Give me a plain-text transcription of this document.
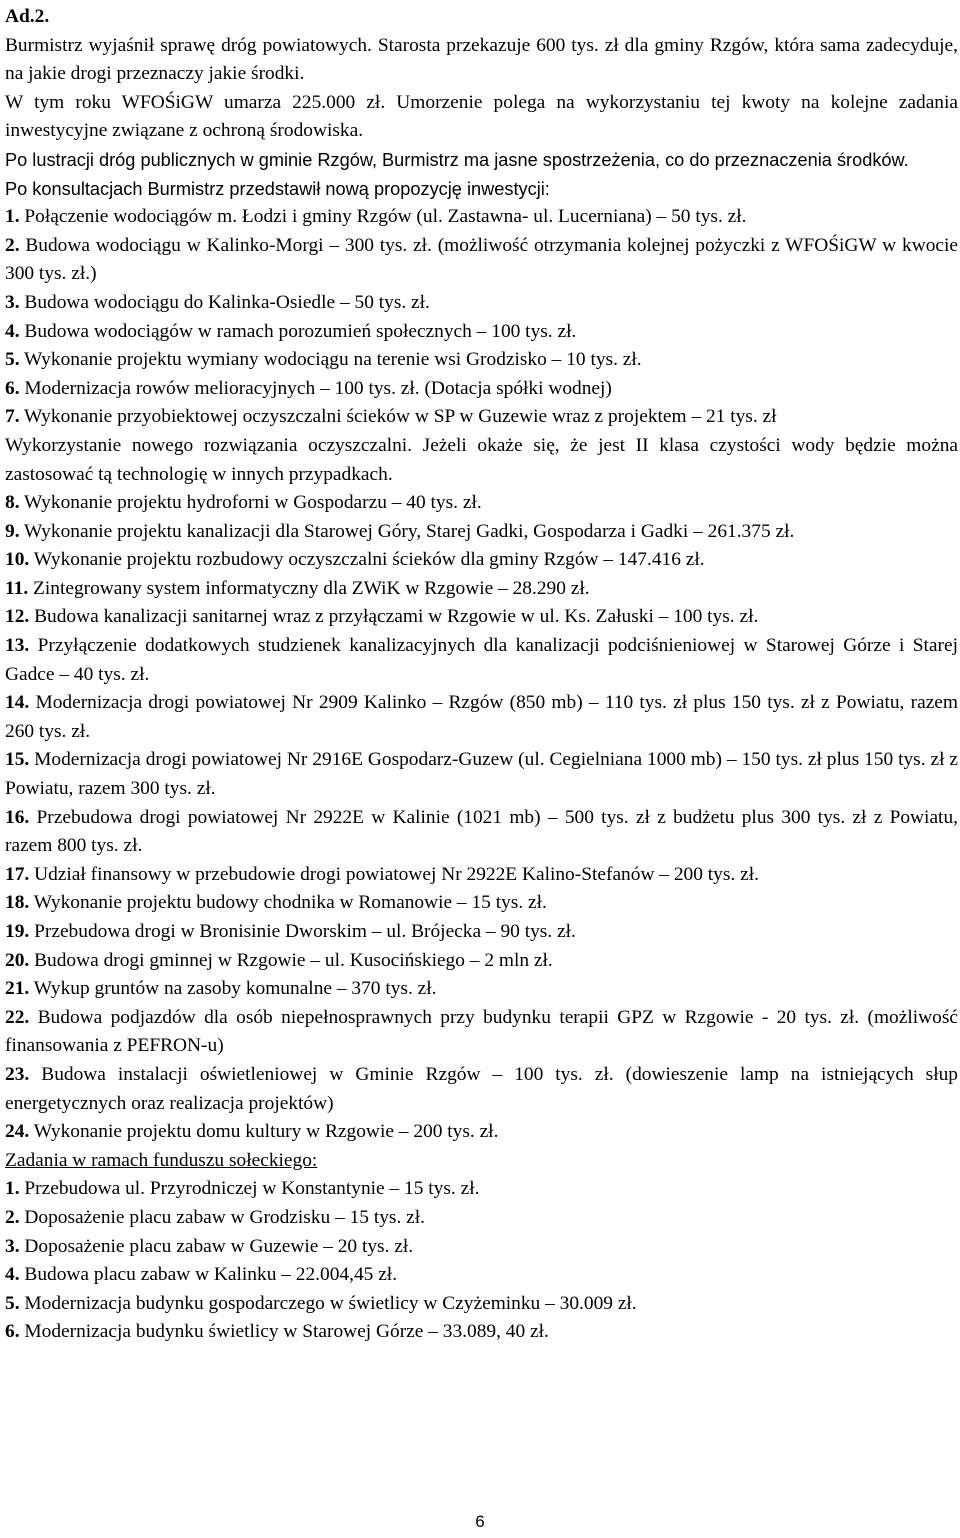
Ad.2.

Burmistrz wyjaśnił sprawę dróg powiatowych. Starosta przekazuje 600 tys. zł dla gminy Rzgów, która sama zadecyduje, na jakie drogi przeznaczy jakie środki.

W tym roku WFOŚiGW umarza 225.000 zł. Umorzenie polega na wykorzystaniu tej kwoty na kolejne zadania inwestycyjne związane z ochroną środowiska.

Po lustracji dróg publicznych w gminie Rzgów, Burmistrz ma jasne spostrzeżenia, co do przeznaczenia środków.

Po konsultacjach Burmistrz przedstawił nową propozycję inwestycji:

1. Połączenie wodociągów m. Łodzi i gminy Rzgów (ul. Zastawna- ul. Lucerniana) – 50 tys. zł.

2. Budowa wodociągu w Kalinko-Morgi – 300 tys. zł. (możliwość otrzymania kolejnej pożyczki z WFOŚiGW w kwocie 300 tys. zł.)

3. Budowa wodociągu do Kalinka-Osiedle – 50 tys. zł.

4. Budowa wodociągów w ramach porozumień społecznych – 100 tys. zł.

5. Wykonanie projektu wymiany wodociągu na terenie wsi Grodzisko – 10 tys. zł.

6. Modernizacja rowów melioracyjnych – 100 tys. zł. (Dotacja spółki wodnej)

7. Wykonanie przyobiektowej oczyszczalni ścieków w SP w Guzewie wraz z projektem – 21 tys. zł

Wykorzystanie nowego rozwiązania oczyszczalni. Jeżeli okaże się, że jest II klasa czystości wody będzie można zastosować tą technologię w innych przypadkach.

8. Wykonanie projektu hydroforni w Gospodarzu – 40 tys. zł.

9. Wykonanie projektu kanalizacji dla Starowej Góry, Starej Gadki, Gospodarza i Gadki – 261.375 zł.

10. Wykonanie projektu rozbudowy oczyszczalni ścieków dla gminy Rzgów – 147.416 zł.

11. Zintegrowany system informatyczny dla ZWiK w Rzgowie – 28.290 zł.

12. Budowa kanalizacji sanitarnej wraz z przyłączami w Rzgowie w ul. Ks. Załuski – 100 tys. zł.

13. Przyłączenie dodatkowych studzienek kanalizacyjnych dla kanalizacji podciśnieniowej w Starowej Górze i Starej Gadce – 40 tys. zł.

14. Modernizacja drogi powiatowej Nr 2909 Kalinko – Rzgów (850 mb) – 110 tys. zł plus 150 tys. zł z Powiatu, razem 260 tys. zł.

15. Modernizacja drogi powiatowej Nr 2916E Gospodarz-Guzew (ul. Cegielniana 1000 mb) – 150 tys. zł plus 150 tys. zł z Powiatu, razem 300 tys. zł.

16. Przebudowa drogi powiatowej Nr 2922E w Kalinie (1021 mb) – 500 tys. zł z budżetu plus 300 tys. zł z Powiatu, razem 800 tys. zł.

17. Udział finansowy w przebudowie drogi powiatowej Nr 2922E Kalino-Stefanów – 200 tys. zł.

18. Wykonanie projektu budowy chodnika w Romanowie – 15 tys. zł.

19. Przebudowa drogi w Bronisinie Dworskim – ul. Brójecka – 90 tys. zł.

20. Budowa drogi gminnej w Rzgowie – ul. Kusocińskiego – 2 mln zł.

21. Wykup gruntów na zasoby komunalne – 370 tys. zł.

22. Budowa podjazdów dla osób niepełnosprawnych przy budynku terapii GPZ w Rzgowie - 20 tys. zł. (możliwość finansowania z PEFRON-u)

23. Budowa instalacji oświetleniowej w Gminie Rzgów – 100 tys. zł. (dowieszenie lamp na istniejących słup energetycznych oraz realizacja projektów)

24. Wykonanie projektu domu kultury w Rzgowie – 200 tys. zł.

Zadania w ramach funduszu sołeckiego:

1. Przebudowa ul. Przyrodniczej w Konstantynie – 15 tys. zł.

2. Doposażenie placu zabaw w Grodzisku – 15 tys. zł.

3. Doposażenie placu zabaw w Guzewie – 20 tys. zł.

4. Budowa placu zabaw w Kalinku – 22.004,45 zł.

5. Modernizacja budynku gospodarczego w świetlicy w Czyżeminku – 30.009 zł.

6. Modernizacja budynku świetlicy w Starowej Górze – 33.089, 40 zł.

6
